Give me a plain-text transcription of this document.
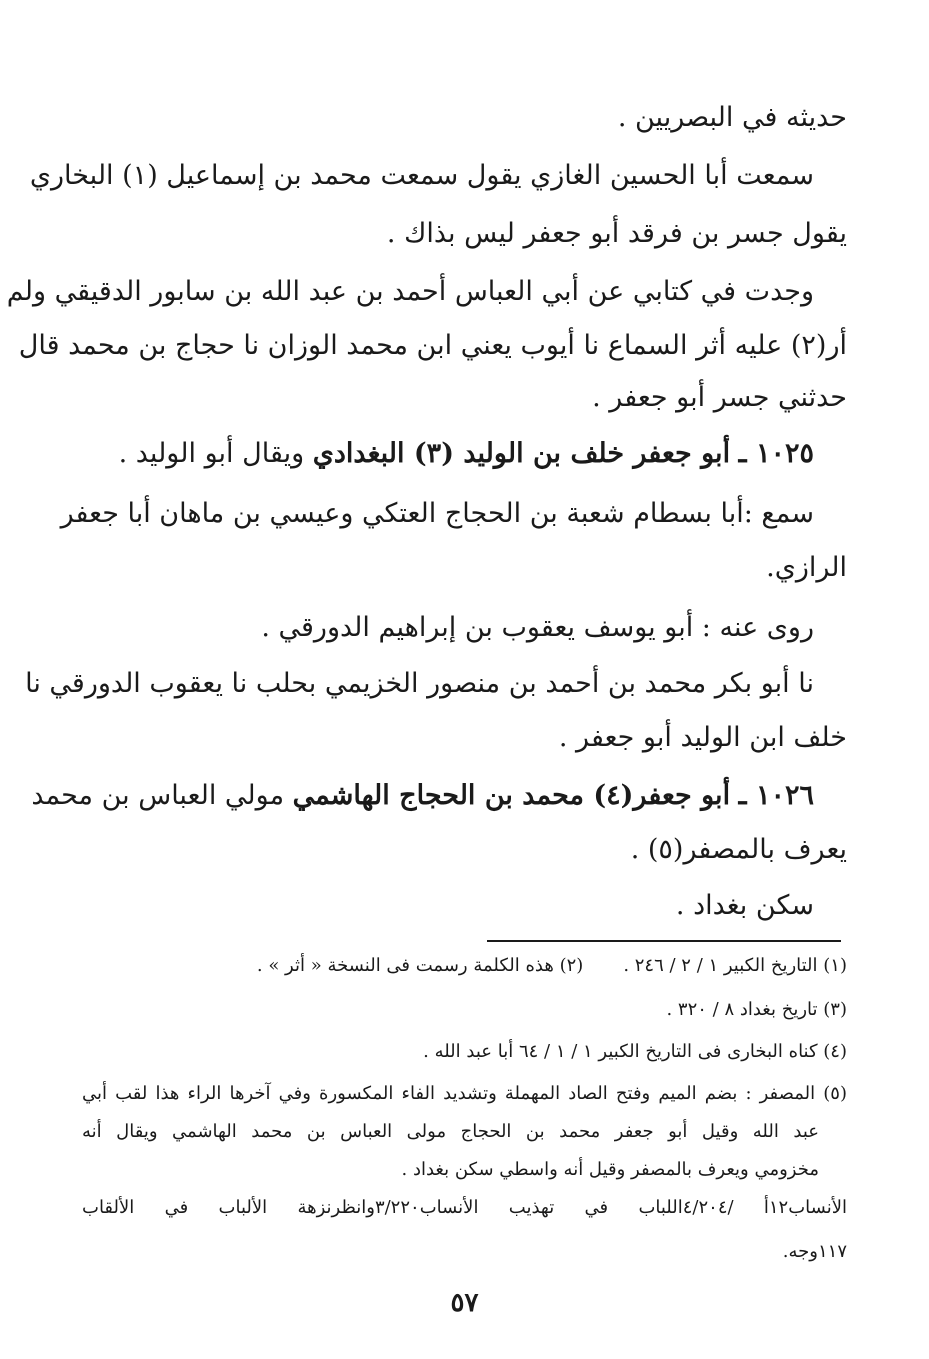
حديثه في البصريين .
سمعت أبا الحسين الغازي يقول سمعت محمد بن إسماعيل (١) البخاري
يقول جسر بن فرقد أبو جعفر ليس بذاك .
وجدت في كتابي عن أبي العباس أحمد بن عبد الله بن سابور الدقيقي ولم
أر(٢) عليه أثر السماع نا أيوب يعني ابن محمد الوزان نا حجاج بن محمد قال
حدثني جسر أبو جعفر .
١٠٢٥ ـ أبو جعفر خلف بن الوليد (٣) البغدادي ويقال أبو الوليد .
سمع :أبا بسطام شعبة بن الحجاج العتكي وعيسي بن ماهان أبا جعفر
الرازي.
روى عنه : أبو يوسف يعقوب بن إبراهيم الدورقي .
نا أبو بكر محمد بن أحمد بن منصور الخزيمي بحلب نا يعقوب الدورقي نا
خلف ابن الوليد أبو جعفر .
١٠٢٦ ـ أبو جعفر(٤) محمد بن الحجاج الهاشمي مولي العباس بن محمد
يعرف بالمصفر(٥) .
سكن بغداد .
(١) التاريخ الكبير ١ / ٢ / ٢٤٦ .
(٢) هذه الكلمة رسمت فى النسخة « أثر » .
(٣) تاريخ بغداد ٨ / ٣٢٠ .
(٤) كناه البخارى فى التاريخ الكبير ١ / ١ / ٦٤ أبا عبد الله .
(٥) المصفر : بضم الميم وفتح الصاد المهملة وتشديد الفاء المكسورة وفي آخرها الراء هذا لقب أبي
عبد الله وقيل أبو جعفر محمد بن الحجاج مولى العباس بن محمد الهاشمي ويقال أنه
مخزومي ويعرف بالمصفر وقيل أنه واسطي سكن بغداد .
الأنساب١٢أ /٤/٢٠٤اللباب في تهذيب الأنساب٣/٢٢٠وانظرنزهة الألباب في الألقاب
١١٧وجه.
٥٧
